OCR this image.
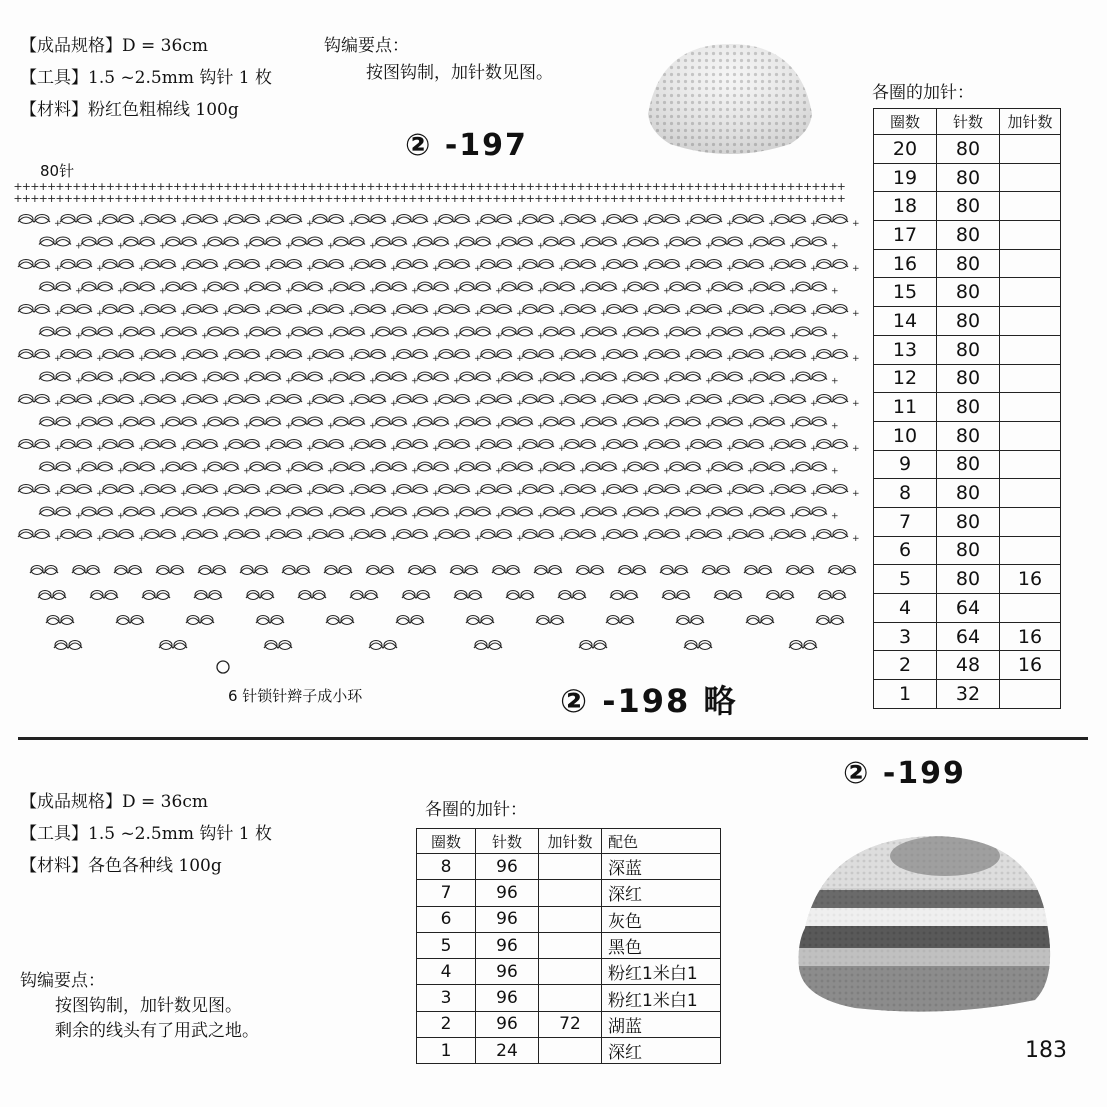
【成品规格】D = 36cm
【工具】1.5 ~2.5mm 钩针 1 枚
【材料】粉红色粗棉线 100g
钩编要点：
按图钩制，加针数见图。
② -197
80针
+ + + + + + + + + + + + + + + + + + + + + + + + + + + + + + + + + + + + + + + + + + + + + + + + + + + + + + + + + + + + + + + + + + + + + + + + + + + + + + + + + + + + + + + + + + + + + + + + + + +
+ + + + + + + + + + + + + + + + + + + + + + + + + + + + + + + + + + + + + + + + + + + + + + + + + + + + + + + + + + + + + + + + + + + + + + + + + + + + + + + + + + + + + + + + + + + + + + + + + + +
+	+	+	+	+	+	+	+	+	+	+	+	+	+	+	+	+	+	+	+
+	+	+	+	+	+	+	+	+	+	+	+	+	+	+	+	+	+	+
+	+	+	+	+	+	+	+	+	+	+	+	+	+	+	+	+	+	+	+
+	+	+	+	+	+	+	+	+	+	+	+	+	+	+	+	+	+	+
+	+	+	+	+	+	+	+	+	+	+	+	+	+	+	+	+	+	+	+
+	+	+	+	+	+	+	+	+	+	+	+	+	+	+	+	+	+	+
+	+	+	+	+	+	+	+	+	+	+	+	+	+	+	+	+	+	+	+
+	+	+	+	+	+	+	+	+	+	+	+	+	+	+	+	+	+	+
+	+	+	+	+	+	+	+	+	+	+	+	+	+	+	+	+	+	+	+
+	+	+	+	+	+	+	+	+	+	+	+	+	+	+	+	+	+	+
+	+	+	+	+	+	+	+	+	+	+	+	+	+	+	+	+	+	+	+
+	+	+	+	+	+	+	+	+	+	+	+	+	+	+	+	+	+	+
+	+	+	+	+	+	+	+	+	+	+	+	+	+	+	+	+	+	+	+
+	+	+	+	+	+	+	+	+	+	+	+	+	+	+	+	+	+	+
+	+	+	+	+	+	+	+	+	+	+	+	+	+	+	+	+	+	+	+
6 针锁针辫子成小环	② -198 略
各圈的加针：
圈数	针数	加针数
20	80	
19	80	
18	80	
17	80	
16	80	
15	80	
14	80	
13	80	
12	80	
11	80	
10	80	
9	80	
8	80	
7	80	
6	80	
5	80	16
4	64	
3	64	16
2	48	16
1	32	
② -199
【成品规格】D = 36cm
【工具】1.5 ~2.5mm 钩针 1 枚
【材料】各色各种线 100g
钩编要点：
按图钩制，加针数见图。
剩余的线头有了用武之地。
各圈的加针：
圈数	针数	加针数	配色
8	96		深蓝
7	96		深红
6	96		灰色
5	96		黑色
4	96		粉红1米白1
3	96		粉红1米白1
2	96	72	湖蓝
1	24		深红	183
